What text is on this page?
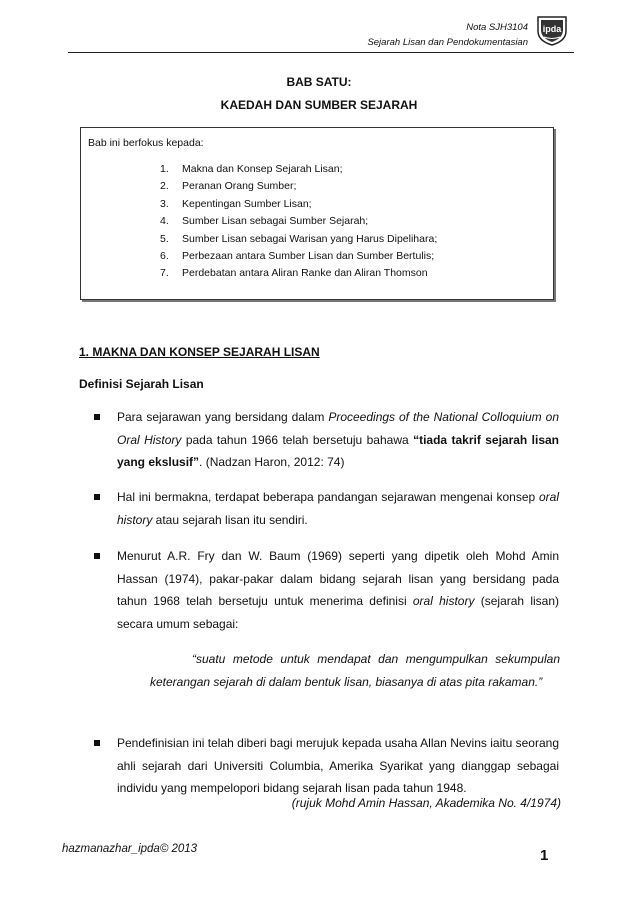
Nota SJH3104
Sejarah Lisan dan Pendokumentasian
ipda
BAB SATU:
KAEDAH DAN SUMBER SEJARAH
Bab ini berfokus kepada:
1. Makna dan Konsep Sejarah Lisan;
2. Peranan Orang Sumber;
3. Kepentingan Sumber Lisan;
4. Sumber Lisan sebagai Sumber Sejarah;
5. Sumber Lisan sebagai Warisan yang Harus Dipelihara;
6. Perbezaan antara Sumber Lisan dan Sumber Bertulis;
7. Perdebatan antara Aliran Ranke dan Aliran Thomson
1. MAKNA DAN KONSEP SEJARAH LISAN
Definisi Sejarah Lisan
Para sejarawan yang bersidang dalam Proceedings of the National Colloquium on Oral History pada tahun 1966 telah bersetuju bahawa “tiada takrif sejarah lisan yang ekslusif”. (Nadzan Haron, 2012: 74)
Hal ini bermakna, terdapat beberapa pandangan sejarawan mengenai konsep oral history atau sejarah lisan itu sendiri.
Menurut A.R. Fry dan W. Baum (1969) seperti yang dipetik oleh Mohd Amin Hassan (1974), pakar-pakar dalam bidang sejarah lisan yang bersidang pada tahun 1968 telah bersetuju untuk menerima definisi oral history (sejarah lisan) secara umum sebagai:
“suatu metode untuk mendapat dan mengumpulkan sekumpulan
keterangan sejarah di dalam bentuk lisan, biasanya di atas pita rakaman.”
Pendefinisian ini telah diberi bagi merujuk kepada usaha Allan Nevins iaitu seorang ahli sejarah dari Universiti Columbia, Amerika Syarikat yang dianggap sebagai individu yang mempelopori bidang sejarah lisan pada tahun 1948.
(rujuk Mohd Amin Hassan, Akademika No. 4/1974)
hazmanazhar_ipda© 2013	1
